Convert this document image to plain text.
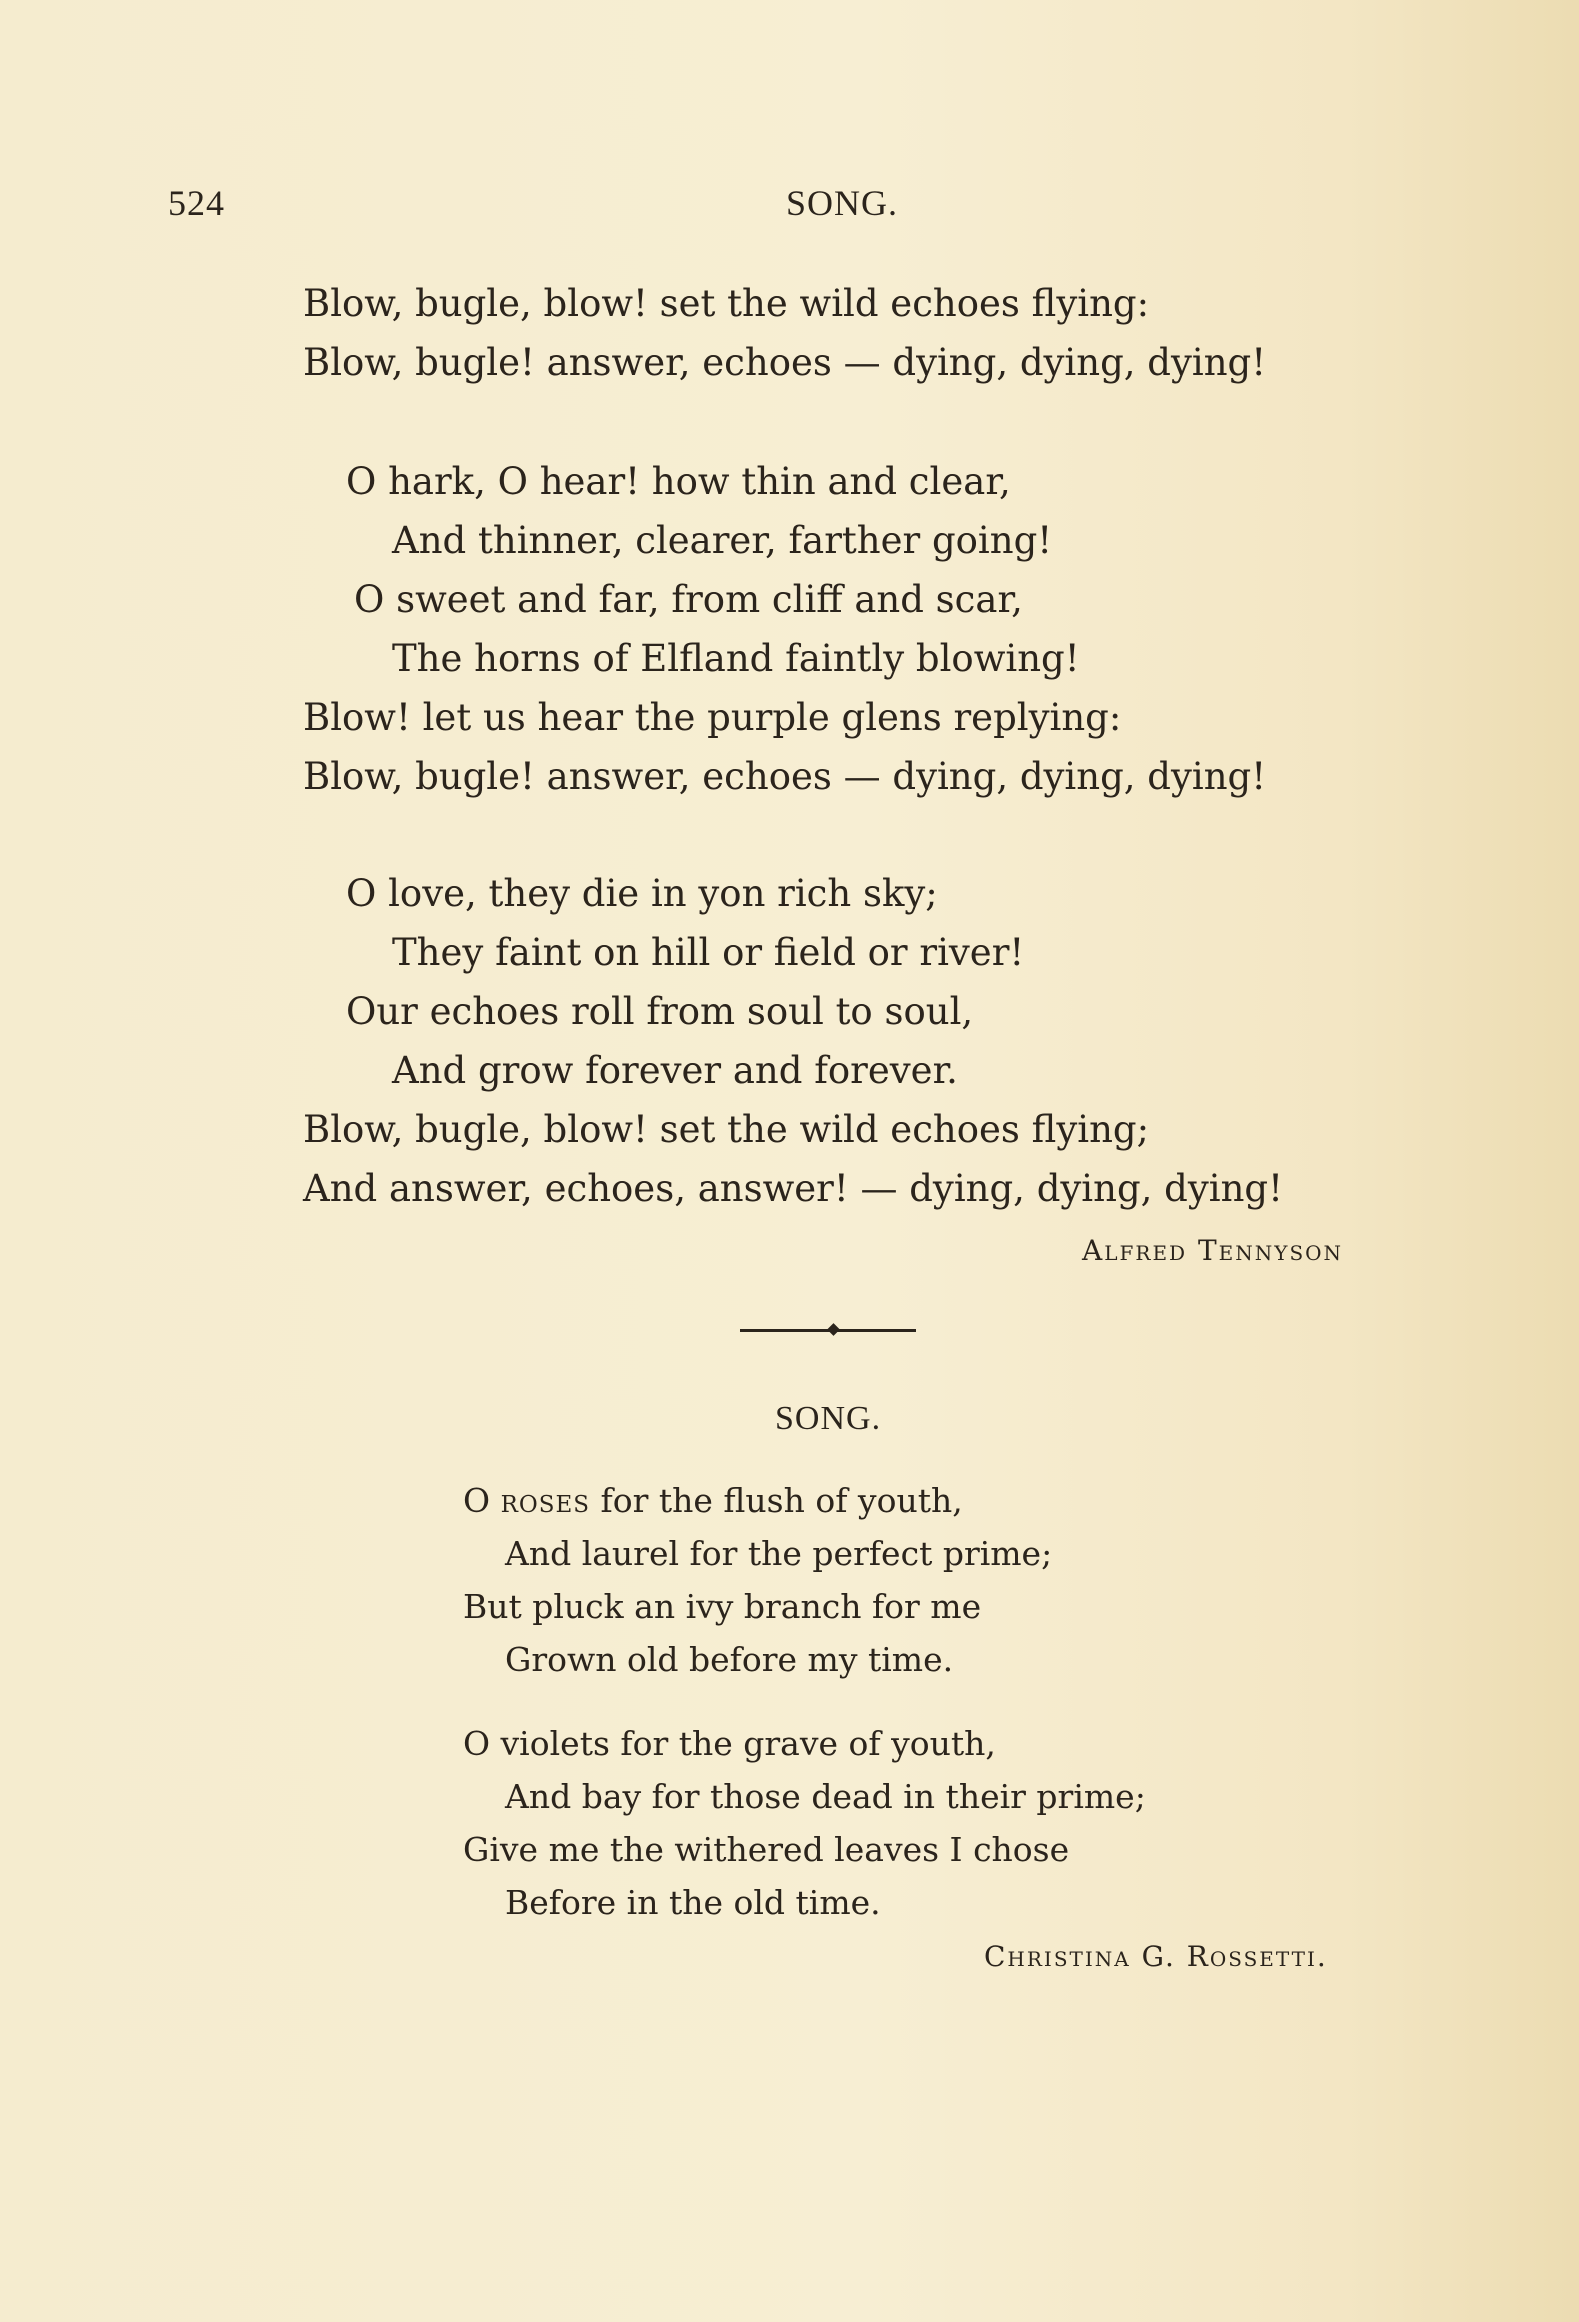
524	SONG.
Blow, bugle, blow! set the wild echoes flying:
Blow, bugle! answer, echoes — dying, dying, dying!
O hark, O hear! how thin and clear,
And thinner, clearer, farther going!
O sweet and far, from cliff and scar,
The horns of Elfland faintly blowing!
Blow! let us hear the purple glens replying:
Blow, bugle! answer, echoes — dying, dying, dying!
O love, they die in yon rich sky;
They faint on hill or field or river!
Our echoes roll from soul to soul,
And grow forever and forever.
Blow, bugle, blow! set the wild echoes flying;
And answer, echoes, answer! — dying, dying, dying!
Alfred Tennyson
SONG.
O roses for the flush of youth,
And laurel for the perfect prime;
But pluck an ivy branch for me
Grown old before my time.
O violets for the grave of youth,
And bay for those dead in their prime;
Give me the withered leaves I chose
Before in the old time.
Christina G. Rossetti.
